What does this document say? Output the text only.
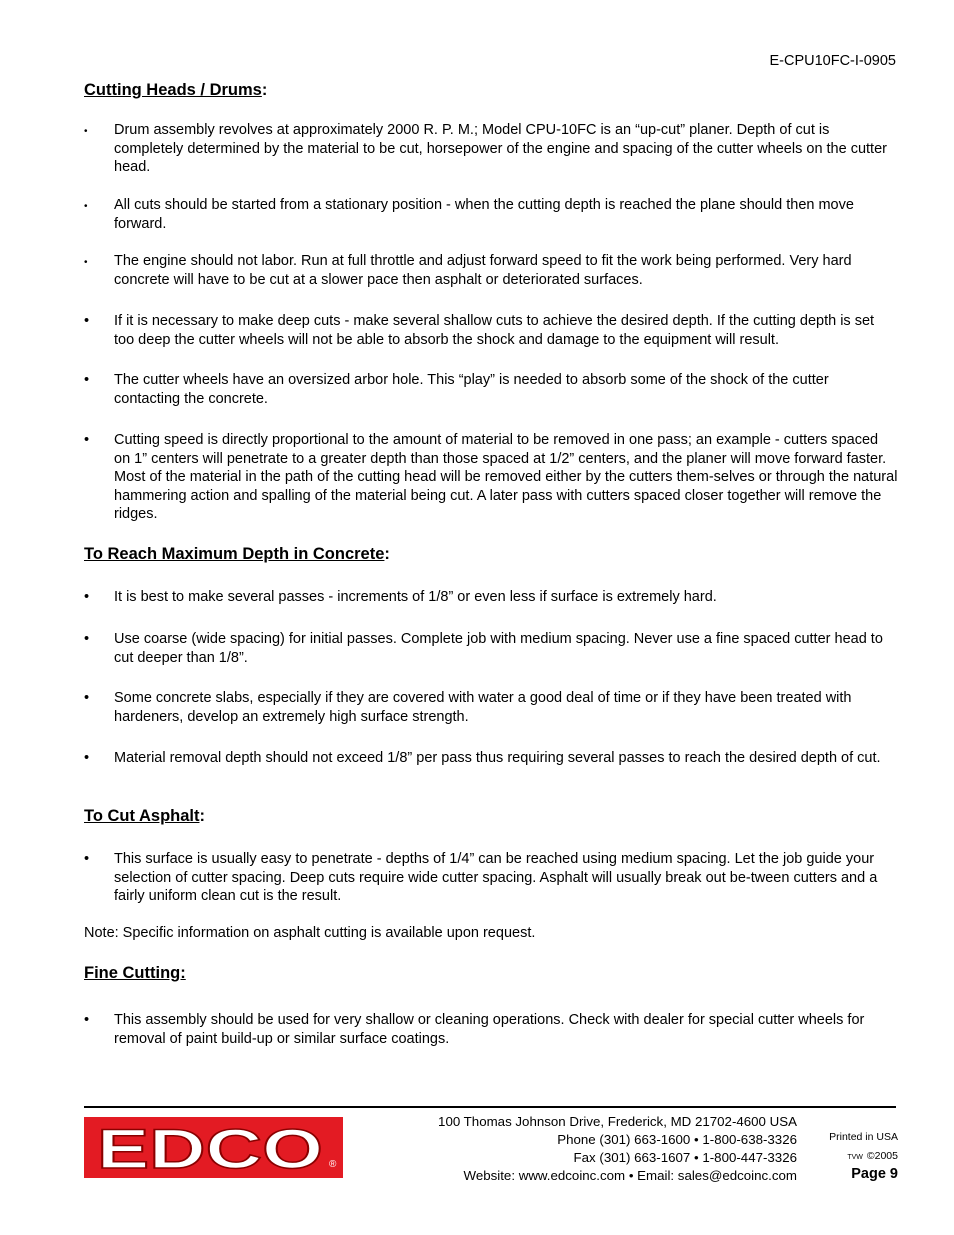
E-CPU10FC-I-0905
Cutting Heads / Drums:
•	Drum assembly revolves at approximately 2000 R. P. M.; Model CPU-10FC is an “up-cut” planer. Depth of cut is completely determined by the material to be cut, horsepower of the engine and spacing of the cutter wheels on the cutter head.
•	All cuts should be started from a stationary position - when the cutting depth is reached the plane should then move forward.
•	The engine should not labor. Run at full throttle and adjust forward speed to fit the work being performed. Very hard concrete will have to be cut at a slower pace then asphalt or deteriorated surfaces.
•	If it is necessary to make deep cuts - make several shallow cuts to achieve the desired depth. If the cutting depth is set too deep the cutter wheels will not be able to absorb the shock and damage to the equipment will result.
•	The cutter wheels have an oversized arbor hole. This “play” is needed to absorb some of the shock of the cutter contacting the concrete.
•	Cutting speed is directly proportional to the amount of material to be removed in one pass; an example - cutters spaced on 1” centers will penetrate to a greater depth than those spaced at 1/2” centers, and the planer will move forward faster. Most of the material in the path of the cutting head will be removed either by the cutters them-selves or through the natural hammering action and spalling of the material being cut. A later pass with cutters spaced closer together will remove the ridges.
To Reach Maximum Depth in Concrete:
•	It is best to make several passes - increments of 1/8” or even less if surface is extremely hard.
•	Use coarse (wide spacing) for initial passes. Complete job with medium spacing. Never use a fine spaced cutter head to cut deeper than 1/8”.
•	Some concrete slabs, especially if they are covered with water a good deal of time or if they have been treated with hardeners, develop an extremely high surface strength.
•	Material removal depth should not exceed 1/8” per pass thus requiring several passes to reach the desired depth of cut.
To Cut Asphalt:
•	This surface is usually easy to penetrate - depths of 1/4” can be reached using medium spacing. Let the job guide your selection of cutter spacing. Deep cuts require wide cutter spacing. Asphalt will usually break out be-tween cutters and a fairly uniform clean cut is the result.
Note: Specific information on asphalt cutting is available upon request.
Fine Cutting:
•	This assembly should be used for very shallow or cleaning operations. Check with dealer for special cutter wheels for removal of paint build-up or similar surface coatings.
EDCO ®
100 Thomas Johnson Drive, Frederick, MD 21702-4600 USA
Phone (301) 663-1600 • 1-800-638-3326
Fax (301) 663-1607 • 1-800-447-3326
Website: www.edcoinc.com • Email: sales@edcoinc.com
Printed in USA
TVW ©2005
Page 9
